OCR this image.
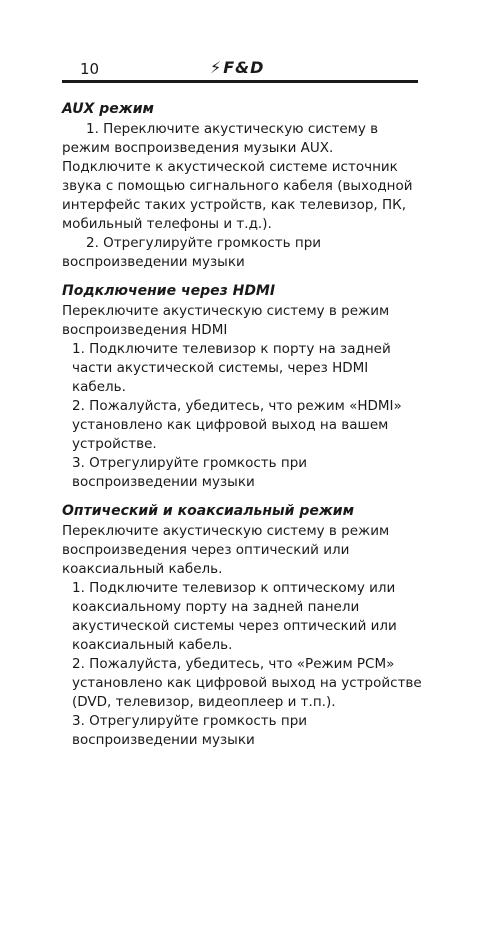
10	⚡F&D
AUX режим

1. Переключите акустическую систему в режим воспроизведения музыки AUX. Подключите к акустической системе источник звука с помощью сигнального кабеля (выходной интерфейс таких устройств, как телевизор, ПК, мобильный телефоны и т.д.).

2. Отрегулируйте громкость при воспроизведении музыки

Подключение через HDMI

Переключите акустическую систему в режим воспроизведения HDMI

1. Подключите телевизор к порту на задней части акустической системы, через HDMI кабель.

2. Пожалуйста, убедитесь, что режим «HDMI» установлено как цифровой выход на вашем устройстве.

3. Отрегулируйте громкость при воспроизведении музыки

Оптический и коаксиальный режим

Переключите акустическую систему в режим воспроизведения через оптический или коаксиальный кабель.

1. Подключите телевизор к оптическому или коаксиальному порту на задней панели акустической системы через оптический или коаксиальный кабель.

2. Пожалуйста, убедитесь, что «Режим PCM» установлено как цифровой выход на устройстве (DVD, телевизор, видеоплеер и т.п.).

3. Отрегулируйте громкость при воспроизведении музыки
